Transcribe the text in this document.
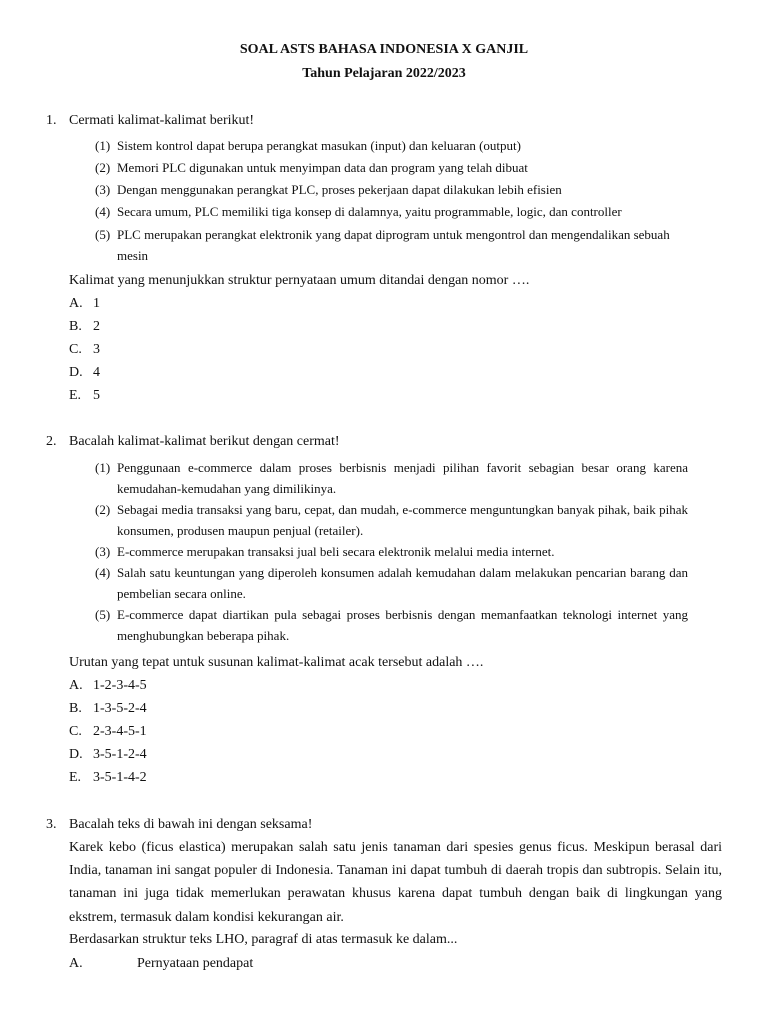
SOAL ASTS BAHASA INDONESIA X GANJIL
Tahun Pelajaran 2022/2023
1. Cermati kalimat-kalimat berikut!
(1) Sistem kontrol dapat berupa perangkat masukan (input) dan keluaran (output)
(2) Memori PLC digunakan untuk menyimpan data dan program yang telah dibuat
(3) Dengan menggunakan perangkat PLC, proses pekerjaan dapat dilakukan lebih efisien
(4) Secara umum, PLC memiliki tiga konsep di dalamnya, yaitu programmable, logic, dan controller
(5) PLC merupakan perangkat elektronik yang dapat diprogram untuk mengontrol dan mengendalikan sebuah
mesin
Kalimat yang menunjukkan struktur pernyataan umum ditandai dengan nomor ….
A. 1
B. 2
C. 3
D. 4
E. 5
2. Bacalah kalimat-kalimat berikut dengan cermat!
(1) Penggunaan e-commerce dalam proses berbisnis menjadi pilihan favorit sebagian besar orang karena kemudahan-kemudahan yang dimilikinya.
(2) Sebagai media transaksi yang baru, cepat, dan mudah, e-commerce menguntungkan banyak pihak, baik pihak konsumen, produsen maupun penjual (retailer).
(3) E-commerce merupakan transaksi jual beli secara elektronik melalui media internet.
(4) Salah satu keuntungan yang diperoleh konsumen adalah kemudahan dalam melakukan pencarian barang dan pembelian secara online.
(5) E-commerce dapat diartikan pula sebagai proses berbisnis dengan memanfaatkan teknologi internet yang menghubungkan beberapa pihak.
Urutan yang tepat untuk susunan kalimat-kalimat acak tersebut adalah ….
A. 1-2-3-4-5
B. 1-3-5-2-4
C. 2-3-4-5-1
D. 3-5-1-2-4
E. 3-5-1-4-2
3. Bacalah teks di bawah ini dengan seksama!
Karek kebo (ficus elastica) merupakan salah satu jenis tanaman dari spesies genus ficus. Meskipun berasal dari India, tanaman ini sangat populer di Indonesia. Tanaman ini dapat tumbuh di daerah tropis dan subtropis. Selain itu, tanaman ini juga tidak memerlukan perawatan khusus karena dapat tumbuh dengan baik di lingkungan yang ekstrem, termasuk dalam kondisi kekurangan air.
Berdasarkan struktur teks LHO, paragraf di atas termasuk ke dalam...
A.	Pernyataan pendapat
